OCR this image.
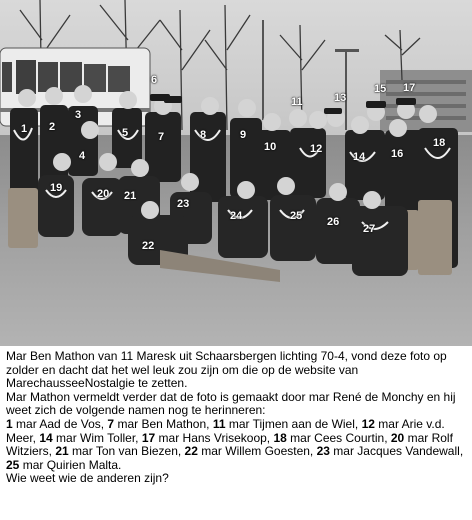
1 2
3
4
5
6
7	8	9
10
11
12
13
14
15
16
17
18
19	20 21
22
23
24	25 26
27

Mar Ben Mathon van 11 Maresk uit Schaarsbergen lichting 70-4, vond deze foto op zolder en dacht dat het wel leuk zou zijn om die op de website van MarechausseeNostalgie te zetten.

Mar Mathon vermeldt verder dat de foto is gemaakt door mar René de Monchy en hij weet zich de volgende namen nog te herinneren:

1 mar Aad de Vos, 7 mar Ben Mathon, 11 mar Tijmen aan de Wiel, 12 mar Arie v.d. Meer, 14 mar Wim Toller, 17 mar Hans Vrisekoop, 18 mar Cees Courtin, 20 mar Rolf Witziers, 21 mar Ton van Biezen, 22 mar Willem Goesten, 23 mar Jacques Vandewall, 25 mar Quirien Malta.

Wie weet wie de anderen zijn?
